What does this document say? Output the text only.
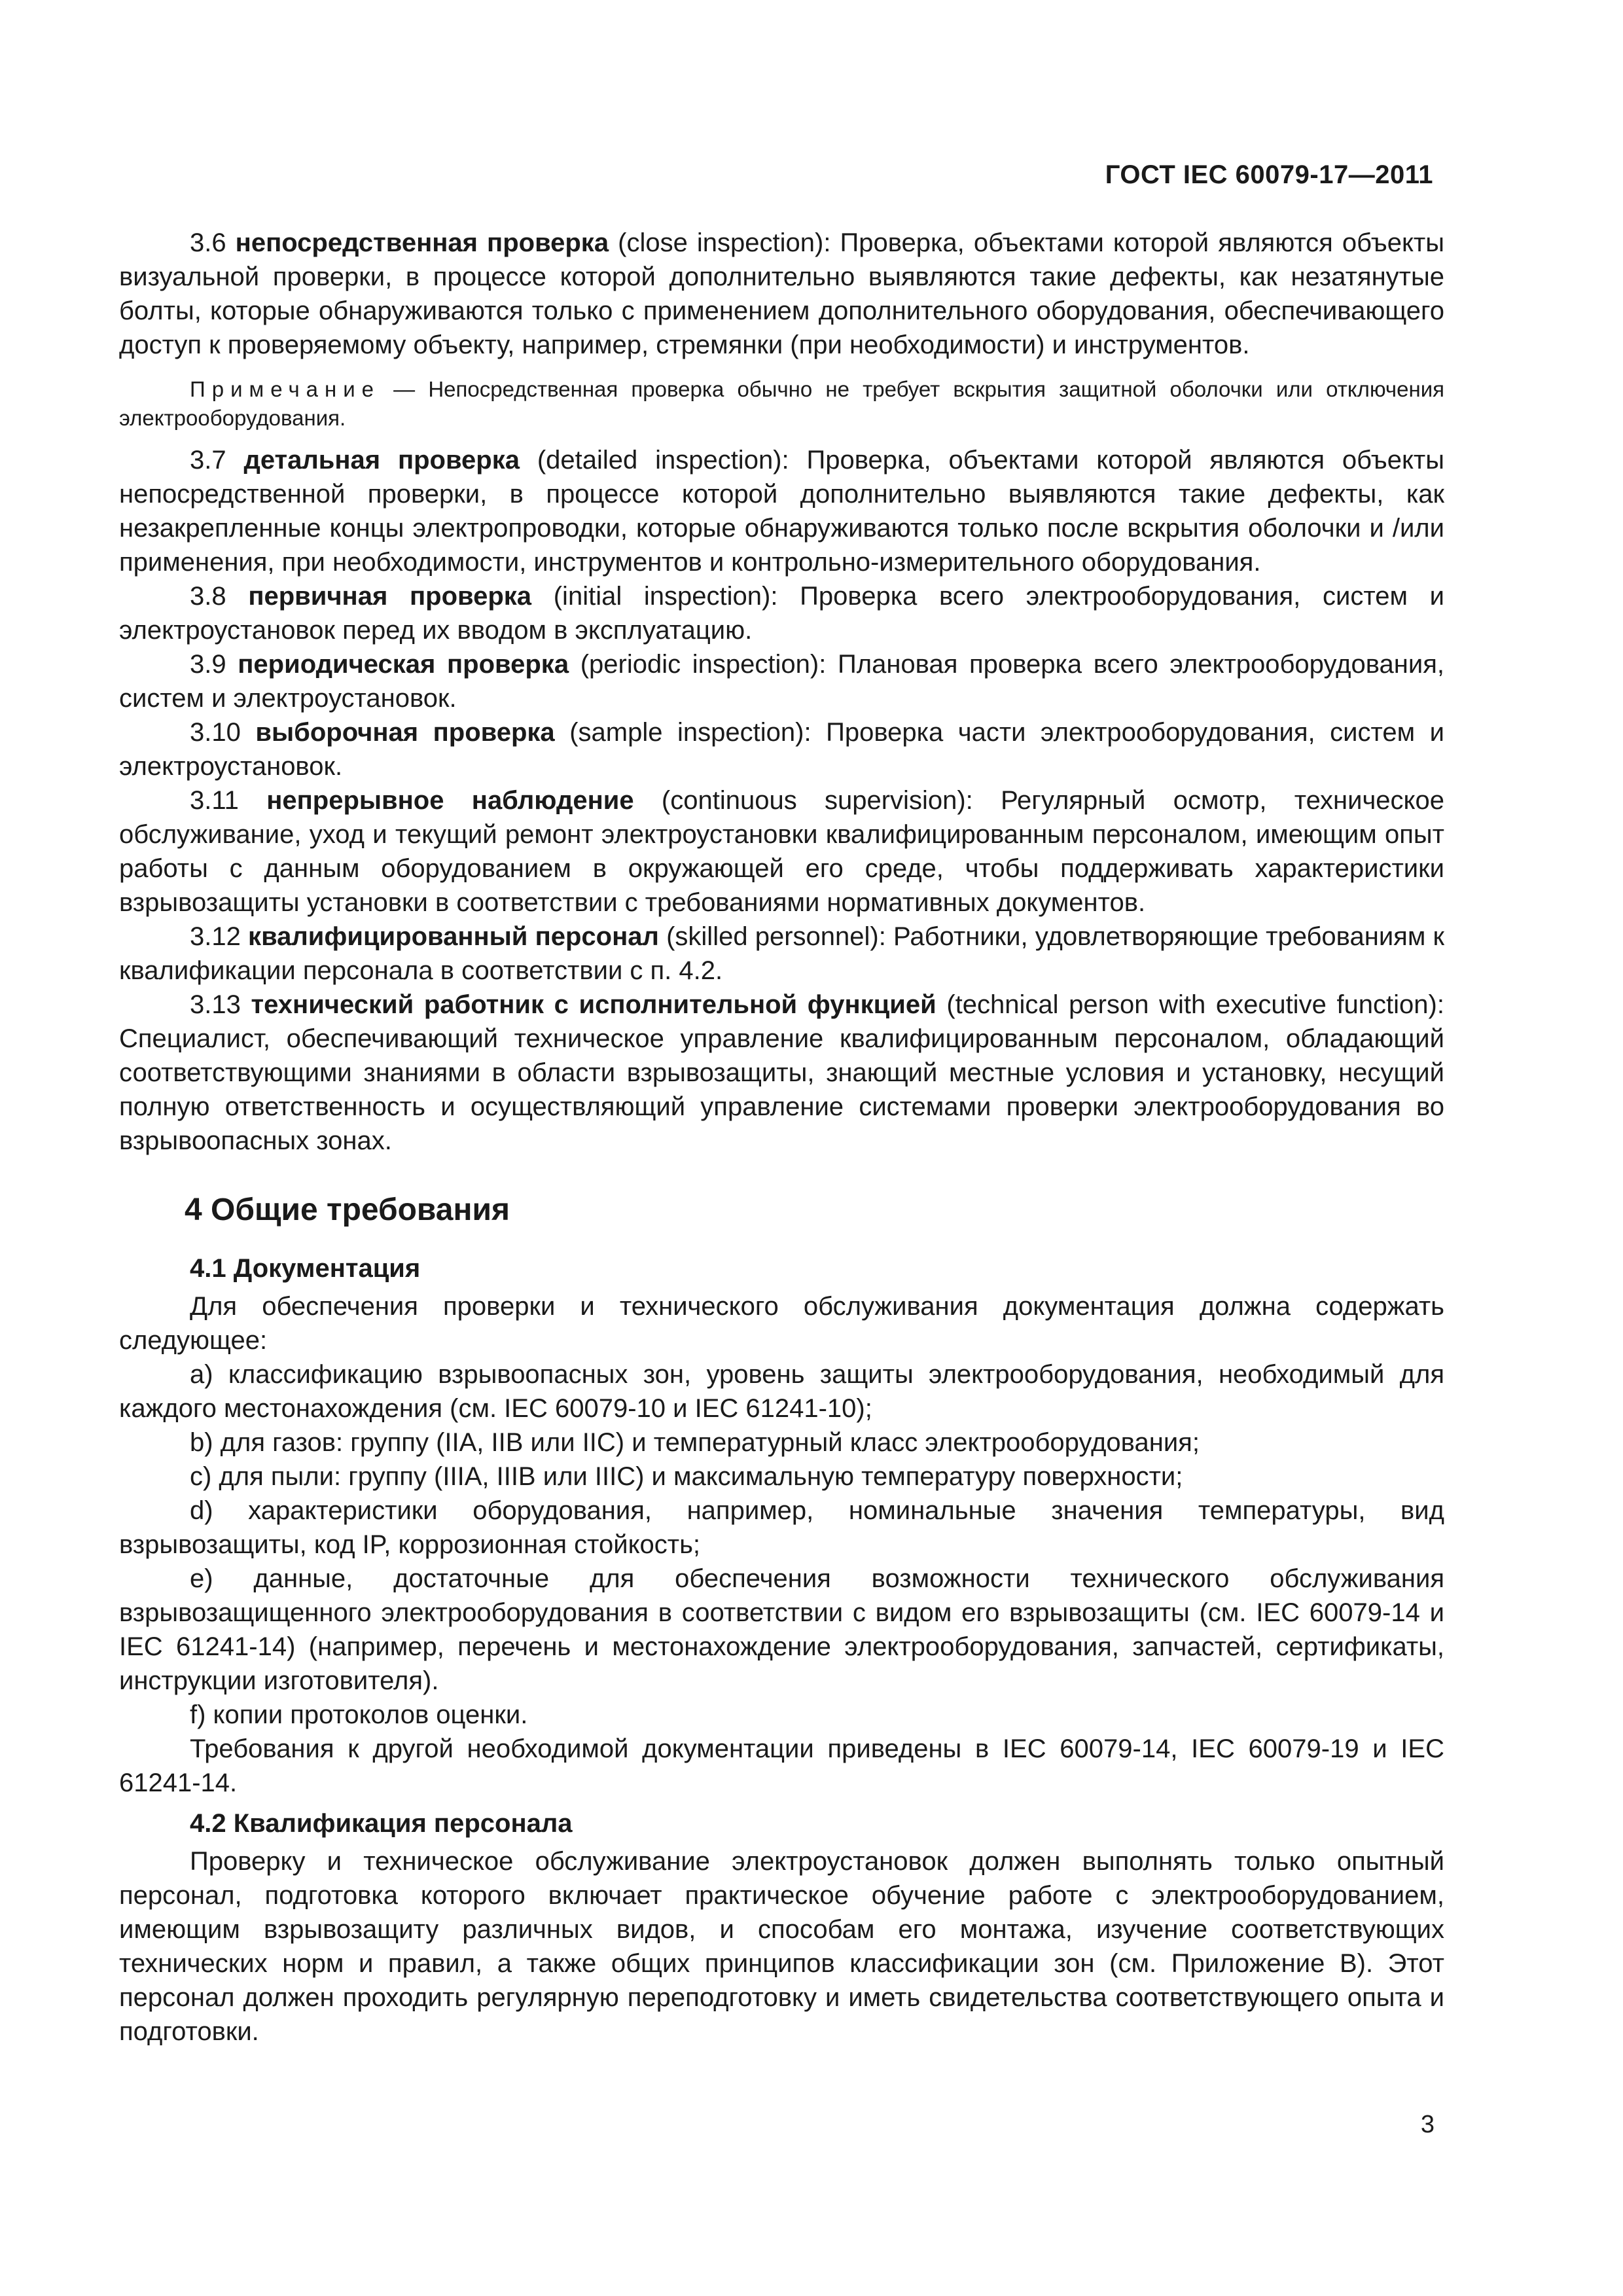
ГОСТ IEC 60079-17—2011

3.6 непосредственная проверка (close inspection): Проверка, объектами которой являются объекты визуальной проверки, в процессе которой дополнительно выявляются такие дефекты, как незатянутые болты, которые обнаруживаются только с применением дополнительного оборудования, обеспечивающего доступ к проверяемому объекту, например, стремянки (при необходимости) и инструментов.

Примечание — Непосредственная проверка обычно не требует вскрытия защитной оболочки или отключения электрооборудования.

3.7 детальная проверка (detailed inspection): Проверка, объектами которой являются объекты непосредственной проверки, в процессе которой дополнительно выявляются такие дефекты, как незакрепленные концы электропроводки, которые обнаруживаются только после вскрытия оболочки и /или применения, при необходимости, инструментов и контрольно-измерительного оборудования.

3.8 первичная проверка (initial inspection): Проверка всего электрооборудования, систем и электроустановок перед их вводом в эксплуатацию.

3.9 периодическая проверка (periodic inspection): Плановая проверка всего электрооборудования, систем и электроустановок.

3.10 выборочная проверка (sample inspection): Проверка части электрооборудования, систем и электроустановок.

3.11 непрерывное наблюдение (continuous supervision): Регулярный осмотр, техническое обслуживание, уход и текущий ремонт электроустановки квалифицированным персоналом, имеющим опыт работы с данным оборудованием в окружающей его среде, чтобы поддерживать характеристики взрывозащиты установки в соответствии с требованиями нормативных документов.

3.12 квалифицированный персонал (skilled personnel): Работники, удовлетворяющие требованиям к квалификации персонала в соответствии с п. 4.2.

3.13 технический работник с исполнительной функцией (technical person with executive function): Специалист, обеспечивающий техническое управление квалифицированным персоналом, обладающий соответствующими знаниями в области взрывозащиты, знающий местные условия и установку, несущий полную ответственность и осуществляющий управление системами проверки электрооборудования во взрывоопасных зонах.

4 Общие требования
4.1 Документация

Для обеспечения проверки и технического обслуживания документация должна содержать следующее:

а) классификацию взрывоопасных зон, уровень защиты электрооборудования, необходимый для каждого местонахождения (см. IEC 60079-10 и IEC 61241-10);

b) для газов: группу (IIA, IIB или IIC) и температурный класс электрооборудования;

c) для пыли: группу (IIIA, IIIB или IIIC) и максимальную температуру поверхности;

d) характеристики оборудования, например, номинальные значения температуры, вид взрывозащиты, код IP, коррозионная стойкость;

e) данные, достаточные для обеспечения возможности технического обслуживания взрывозащищенного электрооборудования в соответствии с видом его взрывозащиты (см. IEC 60079-14 и IEC 61241-14) (например, перечень и местонахождение электрооборудования, запчастей, сертификаты, инструкции изготовителя).

f) копии протоколов оценки.

Требования к другой необходимой документации приведены в IEC 60079-14, IEC 60079-19 и IEC 61241-14.

4.2 Квалификация персонала

Проверку и техническое обслуживание электроустановок должен выполнять только опытный персонал, подготовка которого включает практическое обучение работе с электрооборудованием, имеющим взрывозащиту различных видов, и способам его монтажа, изучение соответствующих технических норм и правил, а также общих принципов классификации зон (см. Приложение B). Этот персонал должен проходить регулярную переподготовку и иметь свидетельства соответствующего опыта и подготовки.

3
